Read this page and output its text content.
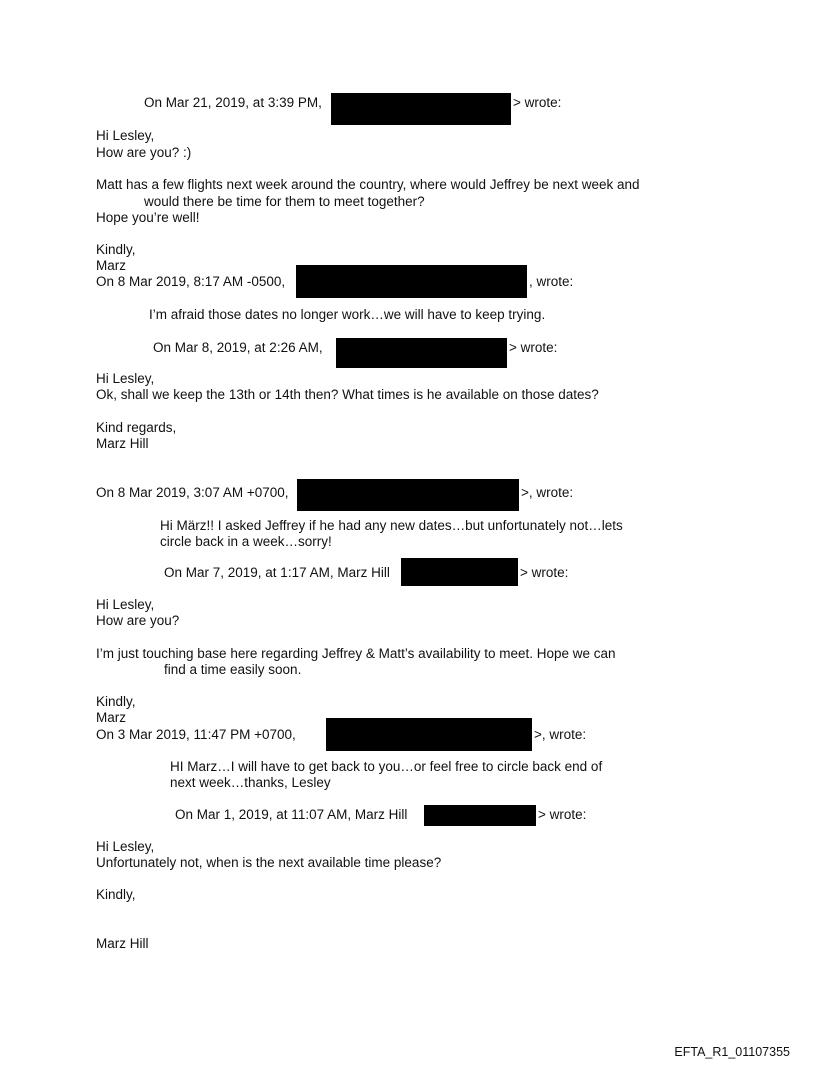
On Mar 21, 2019, at 3:39 PM,	> wrote:

Hi Lesley,

How are you? :)

Matt has a few flights next week around the country, where would Jeffrey be next week and

would there be time for them to meet together?

Hope you’re well!

Kindly,

Marz

On 8 Mar 2019, 8:17 AM -0500,	, wrote:

I’m afraid those dates no longer work…we will have to keep trying.

On Mar 8, 2019, at 2:26 AM,	> wrote:

Hi Lesley,

Ok, shall we keep the 13th or 14th then? What times is he available on those dates?

Kind regards,

Marz Hill

On 8 Mar 2019, 3:07 AM +0700,	>, wrote:

Hi März!! I asked Jeffrey if he had any new dates…but unfortunately not…lets

circle back in a week…sorry!

On Mar 7, 2019, at 1:17 AM, Marz Hill	> wrote:

Hi Lesley,

How are you?

I’m just touching base here regarding Jeffrey & Matt’s availability to meet. Hope we can

find a time easily soon.

Kindly,

Marz

On 3 Mar 2019, 11:47 PM +0700,	>, wrote:

HI Marz…I will have to get back to you…or feel free to circle back end of

next week…thanks, Lesley

On Mar 1, 2019, at 11:07 AM, Marz Hill	> wrote:

Hi Lesley,

Unfortunately not, when is the next available time please?

Kindly,

Marz Hill

EFTA_R1_01107355
